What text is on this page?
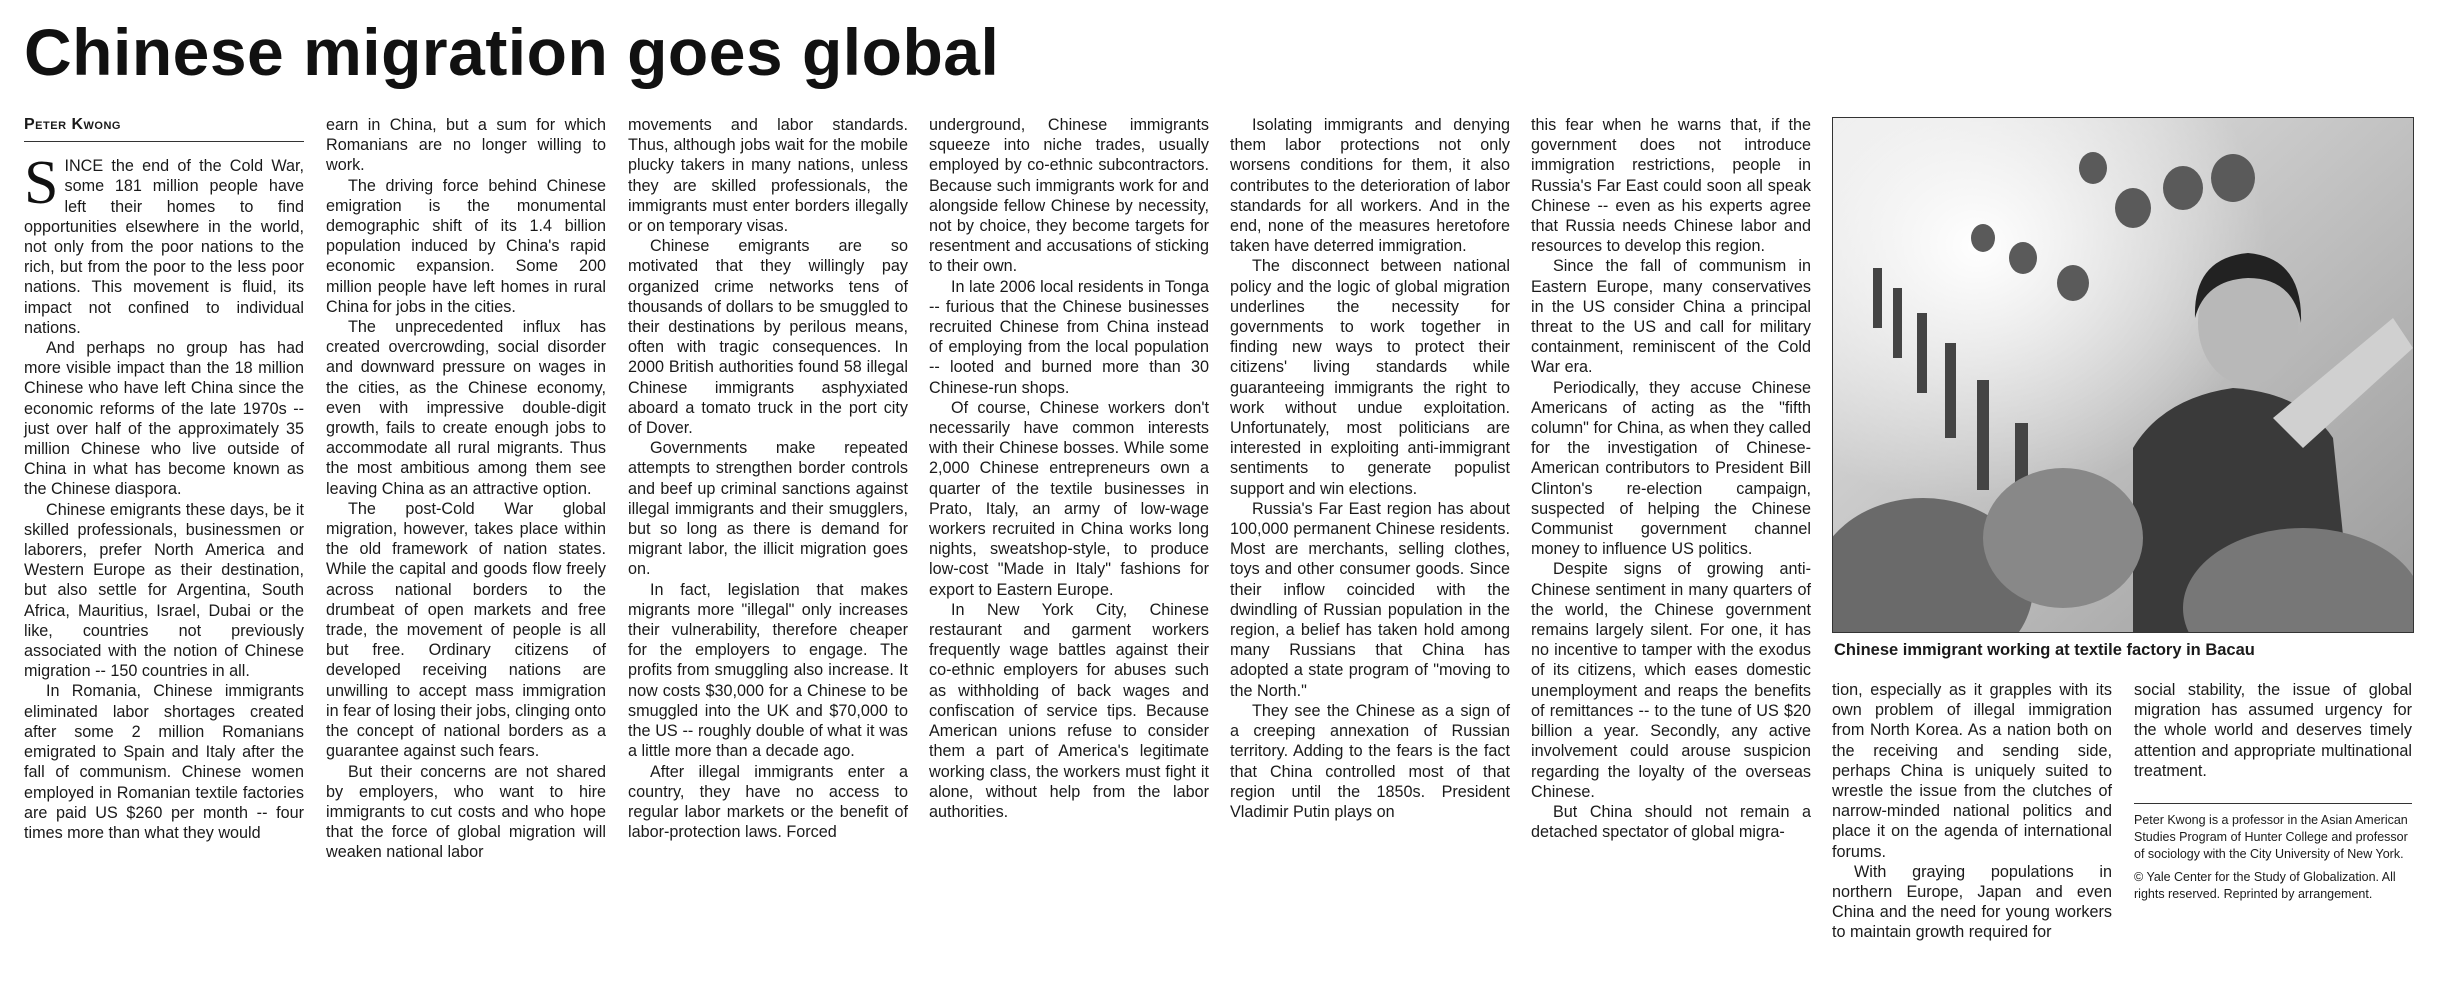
Chinese migration goes global
Peter Kwong

SINCE the end of the Cold War, some 181 million people have left their homes to find opportunities elsewhere in the world, not only from the poor nations to the rich, but from the poor to the less poor nations. This movement is fluid, its impact not confined to individual nations.

And perhaps no group has had more visible impact than the 18 million Chinese who have left China since the economic reforms of the late 1970s -- just over half of the approximately 35 million Chinese who live outside of China in what has become known as the Chinese diaspora.

Chinese emigrants these days, be it skilled professionals, businessmen or laborers, prefer North America and Western Europe as their destination, but also settle for Argentina, South Africa, Mauritius, Israel, Dubai or the like, countries not previously associated with the notion of Chinese migration -- 150 countries in all.

In Romania, Chinese immigrants eliminated labor shortages created after some 2 million Romanians emigrated to Spain and Italy after the fall of communism. Chinese women employed in Romanian textile factories are paid US $260 per month -- four times more than what they would

earn in China, but a sum for which Romanians are no longer willing to work.

The driving force behind Chinese emigration is the monumental demographic shift of its 1.4 billion population induced by China's rapid economic expansion. Some 200 million people have left homes in rural China for jobs in the cities.

The unprecedented influx has created overcrowding, social disorder and downward pressure on wages in the cities, as the Chinese economy, even with impressive double-digit growth, fails to create enough jobs to accommodate all rural migrants. Thus the most ambitious among them see leaving China as an attractive option.

The post-Cold War global migration, however, takes place within the old framework of nation states. While the capital and goods flow freely across national borders to the drumbeat of open markets and free trade, the movement of people is all but free. Ordinary citizens of developed receiving nations are unwilling to accept mass immigration in fear of losing their jobs, clinging onto the concept of national borders as a guarantee against such fears.

But their concerns are not shared by employers, who want to hire immigrants to cut costs and who hope that the force of global migration will weaken national labor

movements and labor standards. Thus, although jobs wait for the mobile plucky takers in many nations, unless they are skilled professionals, the immigrants must enter borders illegally or on temporary visas.

Chinese emigrants are so motivated that they willingly pay organized crime networks tens of thousands of dollars to be smuggled to their destinations by perilous means, often with tragic consequences. In 2000 British authorities found 58 illegal Chinese immigrants asphyxiated aboard a tomato truck in the port city of Dover.

Governments make repeated attempts to strengthen border controls and beef up criminal sanctions against illegal immigrants and their smugglers, but so long as there is demand for migrant labor, the illicit migration goes on.

In fact, legislation that makes migrants more "illegal" only increases their vulnerability, therefore cheaper for the employers to engage. The profits from smuggling also increase. It now costs $30,000 for a Chinese to be smuggled into the UK and $70,000 to the US -- roughly double of what it was a little more than a decade ago.

After illegal immigrants enter a country, they have no access to regular labor markets or the benefit of labor-protection laws. Forced

underground, Chinese immigrants squeeze into niche trades, usually employed by co-ethnic subcontractors. Because such immigrants work for and alongside fellow Chinese by necessity, not by choice, they become targets for resentment and accusations of sticking to their own.

In late 2006 local residents in Tonga -- furious that the Chinese businesses recruited Chinese from China instead of employing from the local population -- looted and burned more than 30 Chinese-run shops.

Of course, Chinese workers don't necessarily have common interests with their Chinese bosses. While some 2,000 Chinese entrepreneurs own a quarter of the textile businesses in Prato, Italy, an army of low-wage workers recruited in China works long nights, sweatshop-style, to produce low-cost "Made in Italy" fashions for export to Eastern Europe.

In New York City, Chinese restaurant and garment workers frequently wage battles against their co-ethnic employers for abuses such as withholding of back wages and confiscation of service tips. Because American unions refuse to consider them a part of America's legitimate working class, the workers must fight it alone, without help from the labor authorities.

Isolating immigrants and denying them labor protections not only worsens conditions for them, it also contributes to the deterioration of labor standards for all workers. And in the end, none of the measures heretofore taken have deterred immigration.

The disconnect between national policy and the logic of global migration underlines the necessity for governments to work together in finding new ways to protect their citizens' living standards while guaranteeing immigrants the right to work without undue exploitation. Unfortunately, most politicians are interested in exploiting anti-immigrant sentiments to generate populist support and win elections.

Russia's Far East region has about 100,000 permanent Chinese residents. Most are merchants, selling clothes, toys and other consumer goods. Since their inflow coincided with the dwindling of Russian population in the region, a belief has taken hold among many Russians that China has adopted a state program of "moving to the North."

They see the Chinese as a sign of a creeping annexation of Russian territory. Adding to the fears is the fact that China controlled most of that region until the 1850s. President Vladimir Putin plays on

this fear when he warns that, if the government does not introduce immigration restrictions, people in Russia's Far East could soon all speak Chinese -- even as his experts agree that Russia needs Chinese labor and resources to develop this region.

Since the fall of communism in Eastern Europe, many conservatives in the US consider China a principal threat to the US and call for military containment, reminiscent of the Cold War era.

Periodically, they accuse Chinese Americans of acting as the "fifth column" for China, as when they called for the investigation of Chinese-American contributors to President Bill Clinton's re-election campaign, suspected of helping the Chinese Communist government channel money to influence US politics.

Despite signs of growing anti-Chinese sentiment in many quarters of the world, the Chinese government remains largely silent. For one, it has no incentive to tamper with the exodus of its citizens, which eases domestic unemployment and reaps the benefits of remittances -- to the tune of US $20 billion a year. Secondly, any active involvement could arouse suspicion regarding the loyalty of the overseas Chinese.

But China should not remain a detached spectator of global migra-

Chinese immigrant working at textile factory in Bacau

tion, especially as it grapples with its own problem of illegal immigration from North Korea. As a nation both on the receiving and sending side, perhaps China is uniquely suited to wrestle the issue from the clutches of narrow-minded national politics and place it on the agenda of international forums.

With graying populations in northern Europe, Japan and even China and the need for young workers to maintain growth required for

social stability, the issue of global migration has assumed urgency for the whole world and deserves timely attention and appropriate multinational treatment.

Peter Kwong is a professor in the Asian American Studies Program of Hunter College and professor of sociology with the City University of New York.

© Yale Center for the Study of Globalization. All rights reserved. Reprinted by arrangement.
